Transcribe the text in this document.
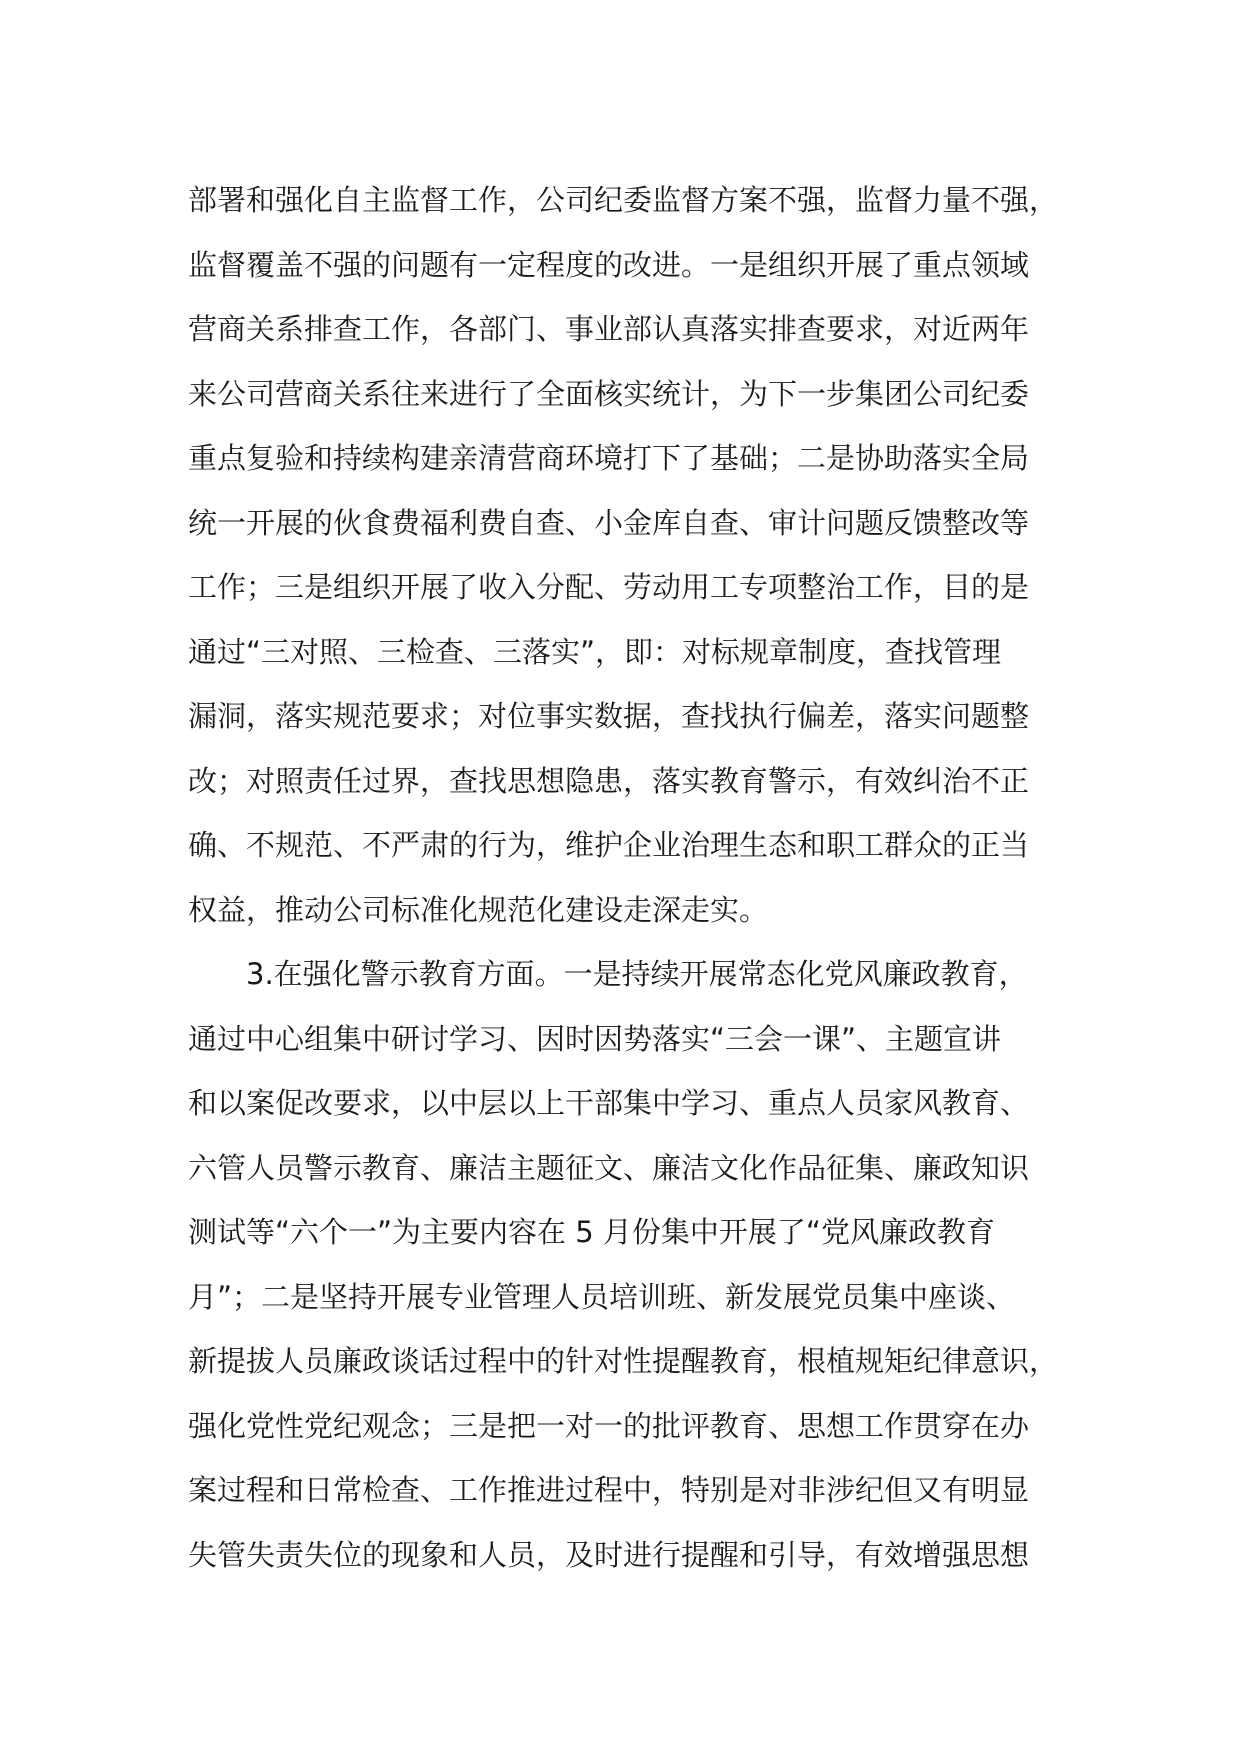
部署和强化自主监督工作，公司纪委监督方案不强，监督力量不强，
监督覆盖不强的问题有一定程度的改进。一是组织开展了重点领域
营商关系排查工作，各部门、事业部认真落实排查要求，对近两年
来公司营商关系往来进行了全面核实统计，为下一步集团公司纪委
重点复验和持续构建亲清营商环境打下了基础；二是协助落实全局
统一开展的伙食费福利费自查、小金库自查、审计问题反馈整改等
工作；三是组织开展了收入分配、劳动用工专项整治工作，目的是
通过“三对照、三检查、三落实”，即：对标规章制度，查找管理
漏洞，落实规范要求；对位事实数据，查找执行偏差，落实问题整
改；对照责任过界，查找思想隐患，落实教育警示，有效纠治不正
确、不规范、不严肃的行为，维护企业治理生态和职工群众的正当
权益，推动公司标准化规范化建设走深走实。
3.在强化警示教育方面。一是持续开展常态化党风廉政教育，
通过中心组集中研讨学习、因时因势落实“三会一课”、主题宣讲
和以案促改要求，以中层以上干部集中学习、重点人员家风教育、
六管人员警示教育、廉洁主题征文、廉洁文化作品征集、廉政知识
测试等“六个一”为主要内容在 5 月份集中开展了“党风廉政教育
月”；二是坚持开展专业管理人员培训班、新发展党员集中座谈、
新提拔人员廉政谈话过程中的针对性提醒教育，根植规矩纪律意识，
强化党性党纪观念；三是把一对一的批评教育、思想工作贯穿在办
案过程和日常检查、工作推进过程中，特别是对非涉纪但又有明显
失管失责失位的现象和人员，及时进行提醒和引导，有效增强思想
